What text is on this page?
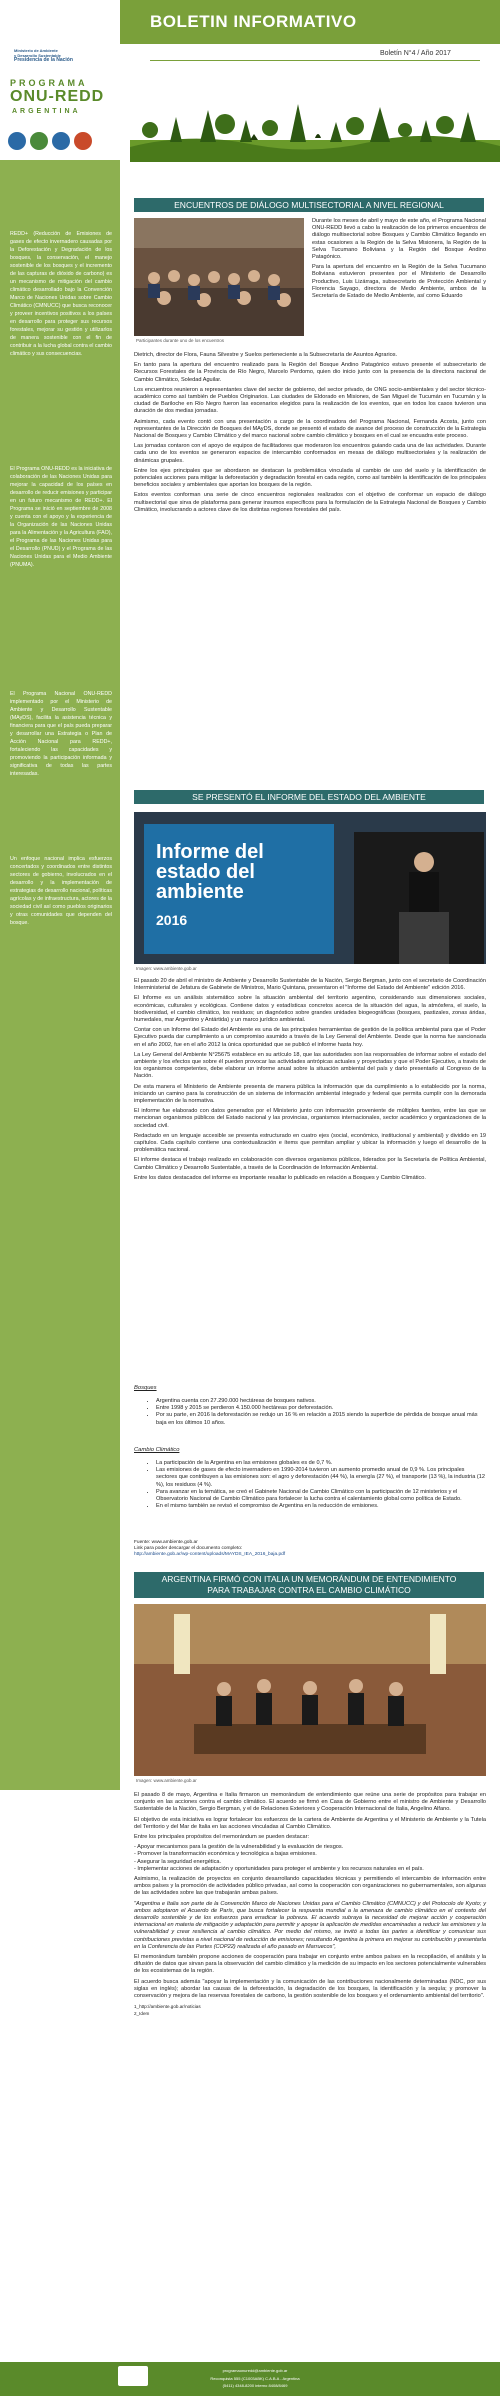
Ministerio de Ambiente
y Desarrollo Sustentable
Presidencia de la Nación
PROGRAMA
ONU-REDD
ARGENTINA
BOLETIN INFORMATIVO
Boletín N°4 / Año 2017
REDD+ (Reducción de Emisiones de gases de efecto invernadero causadas por la Deforestación y Degradación de los bosques, la conservación, el manejo sostenible de los bosques y el incremento de las capturas de dióxido de carbono) es un mecanismo de mitigación del cambio climático desarrollado bajo la Convención Marco de Naciones Unidas sobre Cambio Climático (CMNUCC) que busca reconocer y proveer incentivos positivos a los países en desarrollo para proteger sus recursos forestales, mejorar su gestión y utilizarlos de manera sostenible con el fin de contribuir a la lucha global contra el cambio climático y sus consecuencias.
El Programa ONU-REDD es la iniciativa de colaboración de las Naciones Unidas para mejorar la capacidad de los países en desarrollo de reducir emisiones y participar en un futuro mecanismo de REDD+. El Programa se inició en septiembre de 2008 y cuenta con el apoyo y la experiencia de la Organización de las Naciones Unidas para la Alimentación y la Agricultura (FAO), el Programa de las Naciones Unidas para el Desarrollo (PNUD) y el Programa de las Naciones Unidas para el Medio Ambiente (PNUMA).
El Programa Nacional ONU-REDD implementado por el Ministerio de Ambiente y Desarrollo Sustentable (MAyDS), facilita la asistencia técnica y financiera para que el país pueda preparar y desarrollar una Estrategia o Plan de Acción Nacional para REDD+, fortaleciendo las capacidades y promoviendo la participación informada y significativa de todas las partes interesadas.
Un enfoque nacional implica esfuerzos concertados y coordinados entre distintos sectores de gobierno, involucrados en el desarrollo y la implementación de estrategias de desarrollo nacional, políticas agrícolas y de infraestructura, actores de la sociedad civil así como pueblos originarios y otras comunidades que dependen del bosque.
ENCUENTROS DE DIÁLOGO MULTISECTORIAL A NIVEL REGIONAL
Participantes durante uno de los encuentros

Durante los meses de abril y mayo de este año, el Programa Nacional ONU-REDD llevó a cabo la realización de los primeros encuentros de diálogo multisectorial sobre Bosques y Cambio Climático llegando en estas ocasiones a la Región de la Selva Misionera, la Región de la Selva Tucumano Boliviana y la Región del Bosque Andino Patagónico.

Para la apertura del encuentro en la Región de la Selva Tucumano Boliviana estuvieron presentes por el Ministerio de Desarrollo Productivo, Luis Lizárraga, subsecretario de Protección Ambiental y Florencia Sayago, directora de Medio Ambiente, ambos de la Secretaría de Estado de Medio Ambiente, así como Eduardo

Dietrich, director de Flora, Fauna Silvestre y Suelos perteneciente a la Subsecretaría de Asuntos Agrarios.

En tanto para la apertura del encuentro realizado para la Región del Bosque Andino Patagónico estuvo presente el subsecretario de Recursos Forestales de la Provincia de Río Negro, Marcelo Perdomo, quien dio inicio junto con la presencia de la directora nacional de Cambio Climático, Soledad Aguilar.

Los encuentros reunieron a representantes clave del sector de gobierno, del sector privado, de ONG socio-ambientales y del sector técnico-académico como así también de Pueblos Originarios. Las ciudades de Eldorado en Misiones, de San Miguel de Tucumán en Tucumán y la ciudad de Bariloche en Río Negro fueron las escenarios elegidos para la realización de los eventos, que en todos los casos tuvieron una duración de dos medias jornadas.

Asimismo, cada evento contó con una presentación a cargo de la coordinadora del Programa Nacional, Fernanda Acosta, junto con representantes de la Dirección de Bosques del MAyDS, donde se presentó el estado de avance del proceso de construcción de la Estrategia Nacional de Bosques y Cambio Climático y del marco nacional sobre cambio climático y bosques en el cual se encuadra este proceso.

Las jornadas contaron con el apoyo de equipos de facilitadores que moderaron los encuentros guiando cada una de las actividades. Durante cada uno de los eventos se generaron espacios de intercambio conformados en mesas de diálogo multisectoriales y la realización de dinámicas grupales.

Entre los ejes principales que se abordaron se destacan la problemática vinculada al cambio de uso del suelo y la identificación de potenciales acciones para mitigar la deforestación y degradación forestal en cada región, como así también la identificación de los principales beneficios sociales y ambientales que aportan los bosques de la región.

Estos eventos conforman una serie de cinco encuentros regionales realizados con el objetivo de conformar un espacio de diálogo multisectorial que sirva de plataforma para generar insumos específicos para la formulación de la Estrategia Nacional de Bosques y Cambio Climático, involucrando a actores clave de los distintas regiones forestales del país.

SE PRESENTÓ EL INFORME DEL ESTADO DEL AMBIENTE
Informe del estado del ambiente
2016
Imagen: www.ambiente.gob.ar

El pasado 20 de abril el ministro de Ambiente y Desarrollo Sustentable de la Nación, Sergio Bergman, junto con el secretario de Coordinación Interministerial de Jefatura de Gabinete de Ministros, Mario Quintana, presentaron el "Informe del Estado del Ambiente" edición 2016.

El Informe es un análisis sistemático sobre la situación ambiental del territorio argentino, considerando sus dimensiones sociales, económicas, culturales y ecológicas. Contiene datos y estadísticas concretos acerca de la situación del agua, la atmósfera, el suelo, la biodiversidad, el cambio climático, los residuos; un diagnóstico sobre grandes unidades biogeográficas (bosques, pastizales, zonas áridas, humedales, mar Argentino y Antártida) y un marco jurídico ambiental.

Contar con un Informe del Estado del Ambiente es una de las principales herramientas de gestión de la política ambiental para que el Poder Ejecutivo pueda dar cumplimiento a un compromiso asumido a través de la Ley General del Ambiente. Desde que la norma fue sancionada en el año 2002, fue en el año 2012 la única oportunidad que se publicó el informe hasta hoy.

La Ley General del Ambiente N°25675 establece en su artículo 18, que las autoridades son las responsables de informar sobre el estado del ambiente y los efectos que sobre él pueden provocar las actividades antrópicas actuales y proyectadas y que el Poder Ejecutivo, a través de los organismos competentes, debe elaborar un informe anual sobre la situación ambiental del país y darlo presentarlo al Congreso de la Nación.

De esta manera el Ministerio de Ambiente presenta de manera pública la información que da cumplimiento a lo establecido por la norma, iniciando un camino para la construcción de un sistema de información ambiental integrado y federal que permita cumplir con la demorada implementación de la normativa.

El informe fue elaborado con datos generados por el Ministerio junto con información proveniente de múltiples fuentes, entre las que se mencionan organismos públicos del Estado nacional y las provincias, organismos internacionales, sector académico y organizaciones de la sociedad civil.

Redactado en un lenguaje accesible se presenta estructurado en cuatro ejes (social, económico, institucional y ambiental) y dividido en 19 capítulos. Cada capítulo contiene una contextualización e ítems que permitan ampliar y ubicar la información y luego el desarrollo de la problemática nacional.

El informe destaca el trabajo realizado en colaboración con diversos organismos públicos, liderados por la Secretaría de Política Ambiental, Cambio Climático y Desarrollo Sustentable, a través de la Coordinación de Información Ambiental.

Entre los datos destacados del informe es importante resaltar lo publicado en relación a Bosques y Cambio Climático.

Bosques
• Argentina cuenta con 27.290.000 hectáreas de bosques nativos.
• Entre 1998 y 2015 se perdieron 4.150.000 hectáreas por deforestación.
• Por su parte, en 2016 la deforestación se redujo un 16 % en relación a 2015 siendo la superficie de pérdida de bosque anual más baja en los últimos 10 años.
Cambio Climático
• La participación de la Argentina en las emisiones globales es de 0,7 %.
• Las emisiones de gases de efecto invernadero en 1990-2014 tuvieron un aumento promedio anual de 0,9 %. Los principales sectores que contribuyen a las emisiones son: el agro y deforestación (44 %), la energía (27 %), el transporte (13 %), la industria (12 %), los residuos (4 %).
• Para avanzar en la temática, se creó el Gabinete Nacional de Cambio Climático con la participación de 12 ministerios y el Observatorio Nacional de Cambio Climático para fortalecer la lucha contra el calentamiento global como política de Estado.
• En el mismo también se revisó el compromiso de Argentina en la reducción de emisiones.
Fuente: www.ambiente.gob.ar
Link para poder descargar el documento completo:
http://ambiente.gob.ar/wp-content/uploads/MAYDS_IEA_2016_baja.pdf
ARGENTINA FIRMÓ CON ITALIA UN MEMORÁNDUM DE ENTENDIMIENTO
PARA TRABAJAR CONTRA EL CAMBIO CLIMÁTICO
Imagen: www.ambiente.gob.ar

El pasado 8 de mayo, Argentina e Italia firmaron un memorándum de entendimiento que reúne una serie de propósitos para trabajar en conjunto en las acciones contra el cambio climático. El acuerdo se firmó en Casa de Gobierno entre el ministro de Ambiente y Desarrollo Sustentable de la Nación, Sergio Bergman, y el de Relaciones Exteriores y Cooperación Internacional de Italia, Angelino Alfano.

El objetivo de esta iniciativa es lograr fortalecer los esfuerzos de la cartera de Ambiente de Argentina y el Ministerio de Ambiente y la Tutela del Territorio y del Mar de Italia en las acciones vinculadas al Cambio Climático.

Entre los principales propósitos del memorándum se pueden destacar:

- Apoyar mecanismos para la gestión de la vulnerabilidad y la evaluación de riesgos.
- Promover la transformación económica y tecnológica a bajas emisiones.
- Asegurar la seguridad energética.
- Implementar acciones de adaptación y oportunidades para proteger el ambiente y los recursos naturales en el país.

Asimismo, la realización de proyectos en conjunto desarrollando capacidades técnicas y permitiendo el intercambio de información entre ambos países y la promoción de actividades público privadas, así como la cooperación con organizaciones no gubernamentales, son algunas de las actividades sobre las que trabajarán ambas países.

"Argentina e Italia son parte de la Convención Marco de Naciones Unidas para el Cambio Climático (CMNUCC) y del Protocolo de Kyoto; y ambos adoptaron el Acuerdo de París, que busca fortalecer la respuesta mundial a la amenaza de cambio climático en el contexto del desarrollo sostenible y de los esfuerzos para erradicar la pobreza. El acuerdo subraya la necesidad de mejorar acción y cooperación internacional en materia de mitigación y adaptación para permitir y apoyar la aplicación de medidas encaminadas a reducir las emisiones y la vulnerabilidad y crear resiliencia al cambio climático. Por medio del mismo, se invitó a todas las partes a identificar y comunicar sus contribuciones previstas a nivel nacional de reducción de emisiones; resultando Argentina la primera en mejorar su contribución y presentarla en la Conferencia de las Partes (COP22) realizada el año pasado en Marruecos",

El memorándum también propone acciones de cooperación para trabajar en conjunto entre ambos países en la recopilación, el análisis y la difusión de datos que sirvan para la observación del cambio climático y la medición de su impacto en los sectores potencialmente vulnerables de los ecosistemas de la región.

El acuerdo busca además "apoyar la implementación y la comunicación de las contribuciones nacionalmente determinadas (NDC, por sus siglas en inglés); abordar las causas de la deforestación, la degradación de los bosques, la identificación y la sequía; y promover la conservación y mejora de las reservas forestales de carbono, la gestión sostenible de los bosques y el ordenamiento ambiental del territorio".

1_http://ambiente.gob.ar/noticias
2_Idem
programaonuredd@ambiente.gob.ar
Reconquista 555 (C1003ABK) C.A.B.A - Argentina
(5411) 4348-8200 interno 8408/8469
